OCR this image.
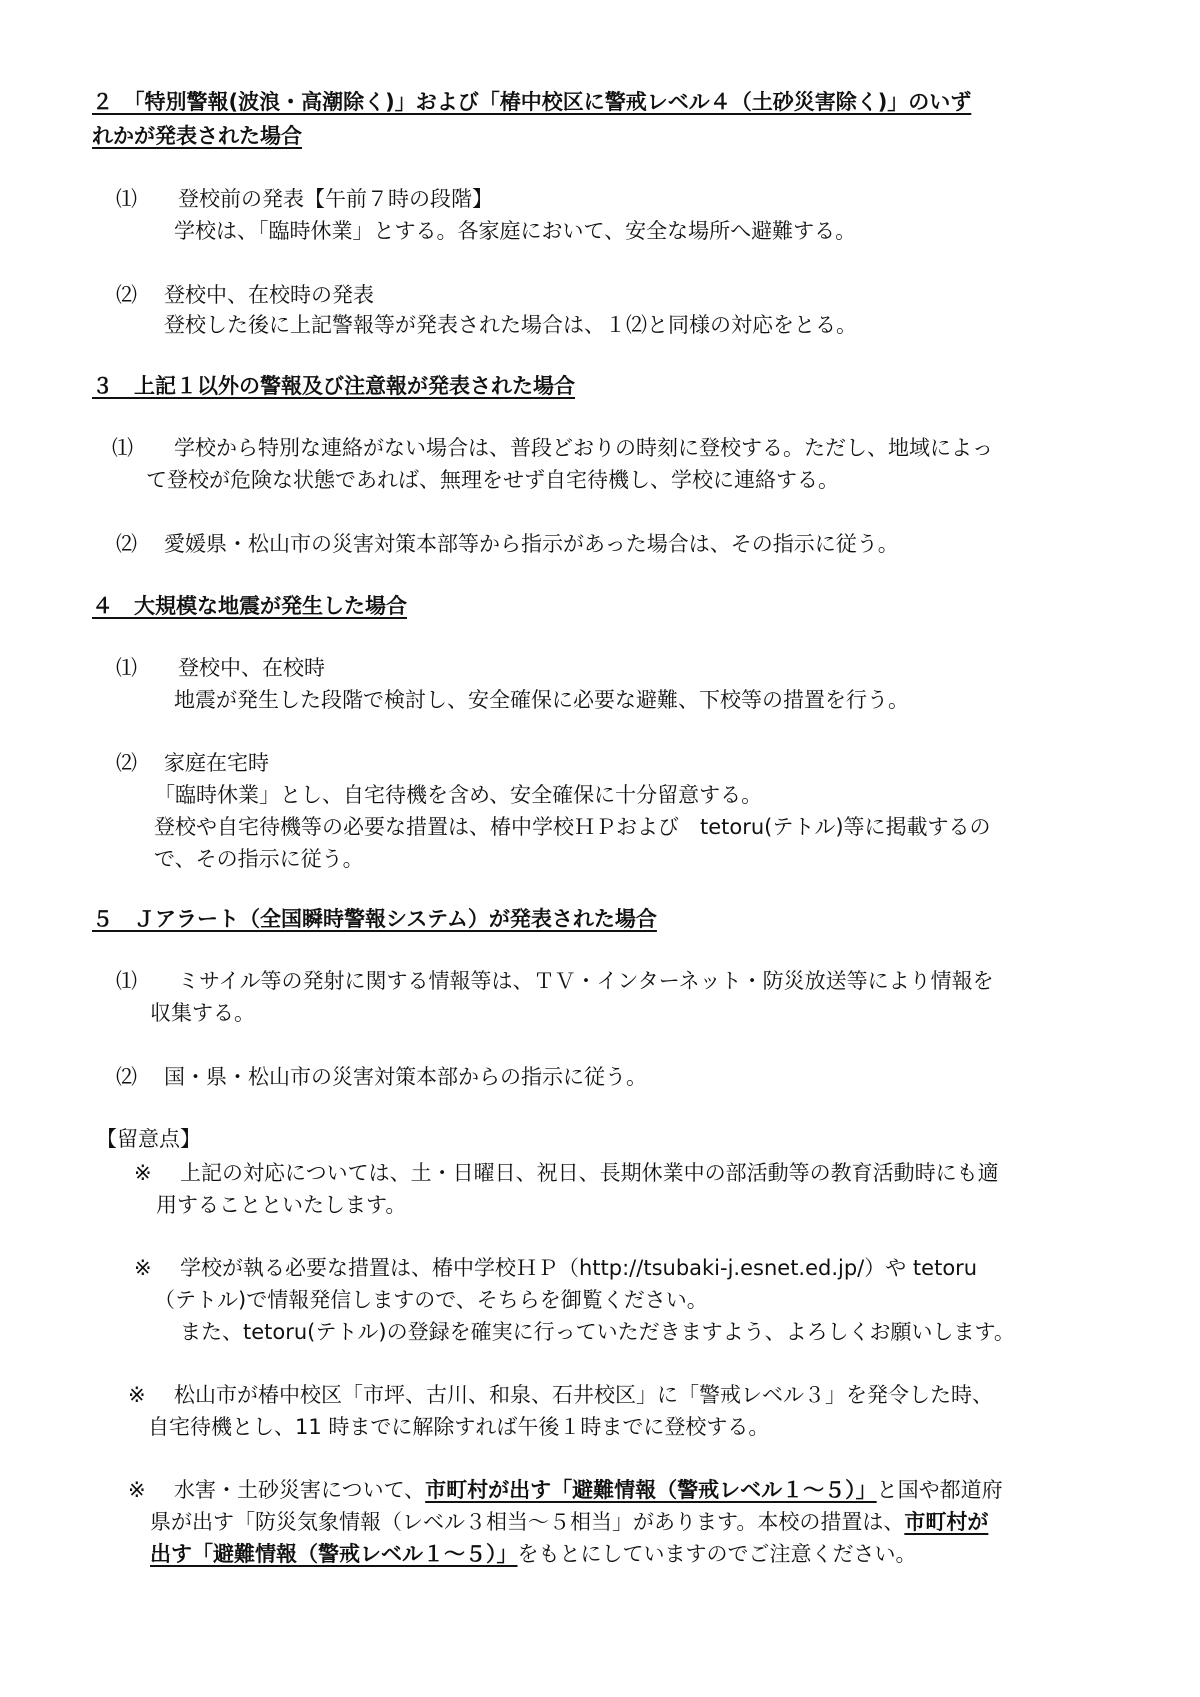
２　「特別警報(波浪・高潮除く)」および「椿中校区に警戒レベル４（土砂災害除く)」のいず
れかが発表された場合
⑴ 登校前の発表【午前７時の段階】
学校は、「臨時休業」とする。各家庭において、安全な場所へ避難する。
⑵ 登校中、在校時の発表
登校した後に上記警報等が発表された場合は、１⑵と同様の対応をとる。
３　上記１以外の警報及び注意報が発表された場合
⑴ 学校から特別な連絡がない場合は、普段どおりの時刻に登校する。ただし、地域によっ
て登校が危険な状態であれば、無理をせず自宅待機し、学校に連絡する。
⑵ 愛媛県・松山市の災害対策本部等から指示があった場合は、その指示に従う。
４　大規模な地震が発生した場合
⑴ 登校中、在校時
地震が発生した段階で検討し、安全確保に必要な避難、下校等の措置を行う。
⑵ 家庭在宅時
「臨時休業」とし、自宅待機を含め、安全確保に十分留意する。
登校や自宅待機等の必要な措置は、椿中学校ＨＰおよび　tetoru(テトル)等に掲載するの
で、その指示に従う。
５　Ｊアラート（全国瞬時警報システム）が発表された場合
⑴ ミサイル等の発射に関する情報等は、ＴＶ・インターネット・防災放送等により情報を
収集する。
⑵ 国・県・松山市の災害対策本部からの指示に従う。
【留意点】
※ 上記の対応については、土・日曜日、祝日、長期休業中の部活動等の教育活動時にも適
用することといたします。
※ 学校が執る必要な措置は、椿中学校ＨＰ（http://tsubaki-j.esnet.ed.jp/）や tetoru
（テトル)で情報発信しますので、そちらを御覧ください。
また、tetoru(テトル)の登録を確実に行っていただきますよう、よろしくお願いします。
※ 松山市が椿中校区「市坪、古川、和泉、石井校区」に「警戒レベル３」を発令した時、
自宅待機とし、11 時までに解除すれば午後１時までに登校する。
※ 水害・土砂災害について、市町村が出す「避難情報（警戒レベル１～５）」と国や都道府
県が出す「防災気象情報（レベル３相当～５相当」があります。本校の措置は、市町村が
出す「避難情報（警戒レベル１～５）」をもとにしていますのでご注意ください。
